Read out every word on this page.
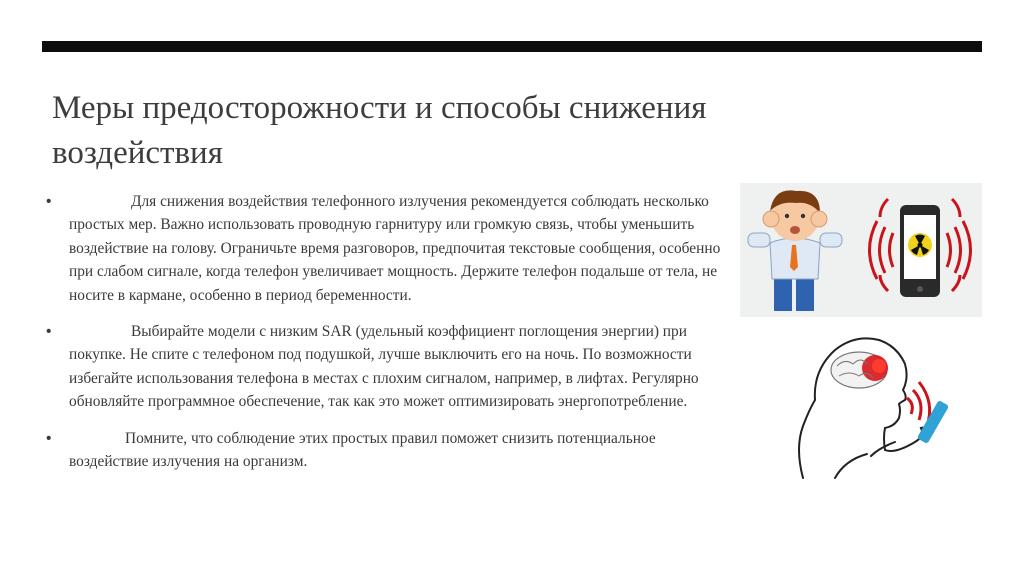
Меры предосторожности и способы снижения воздействия
•	Для снижения воздействия телефонного излучения рекомендуется соблюдать несколько простых мер. Важно использовать проводную гарнитуру или громкую связь, чтобы уменьшить воздействие на голову. Ограничьте время разговоров, предпочитая текстовые сообщения, особенно при слабом сигнале, когда телефон увеличивает мощность. Держите телефон подальше от тела, не носите в кармане, особенно в период беременности.
•	Выбирайте модели с низким SAR (удельный коэффициент поглощения энергии) при покупке. Не спите с телефоном под подушкой, лучше выключить его на ночь. По возможности избегайте использования телефона в местах с плохим сигналом, например, в лифтах. Регулярно обновляйте программное обеспечение, так как это может оптимизировать энергопотребление.
•	Помните, что соблюдение этих простых правил поможет снизить потенциальное воздействие излучения на организм.
